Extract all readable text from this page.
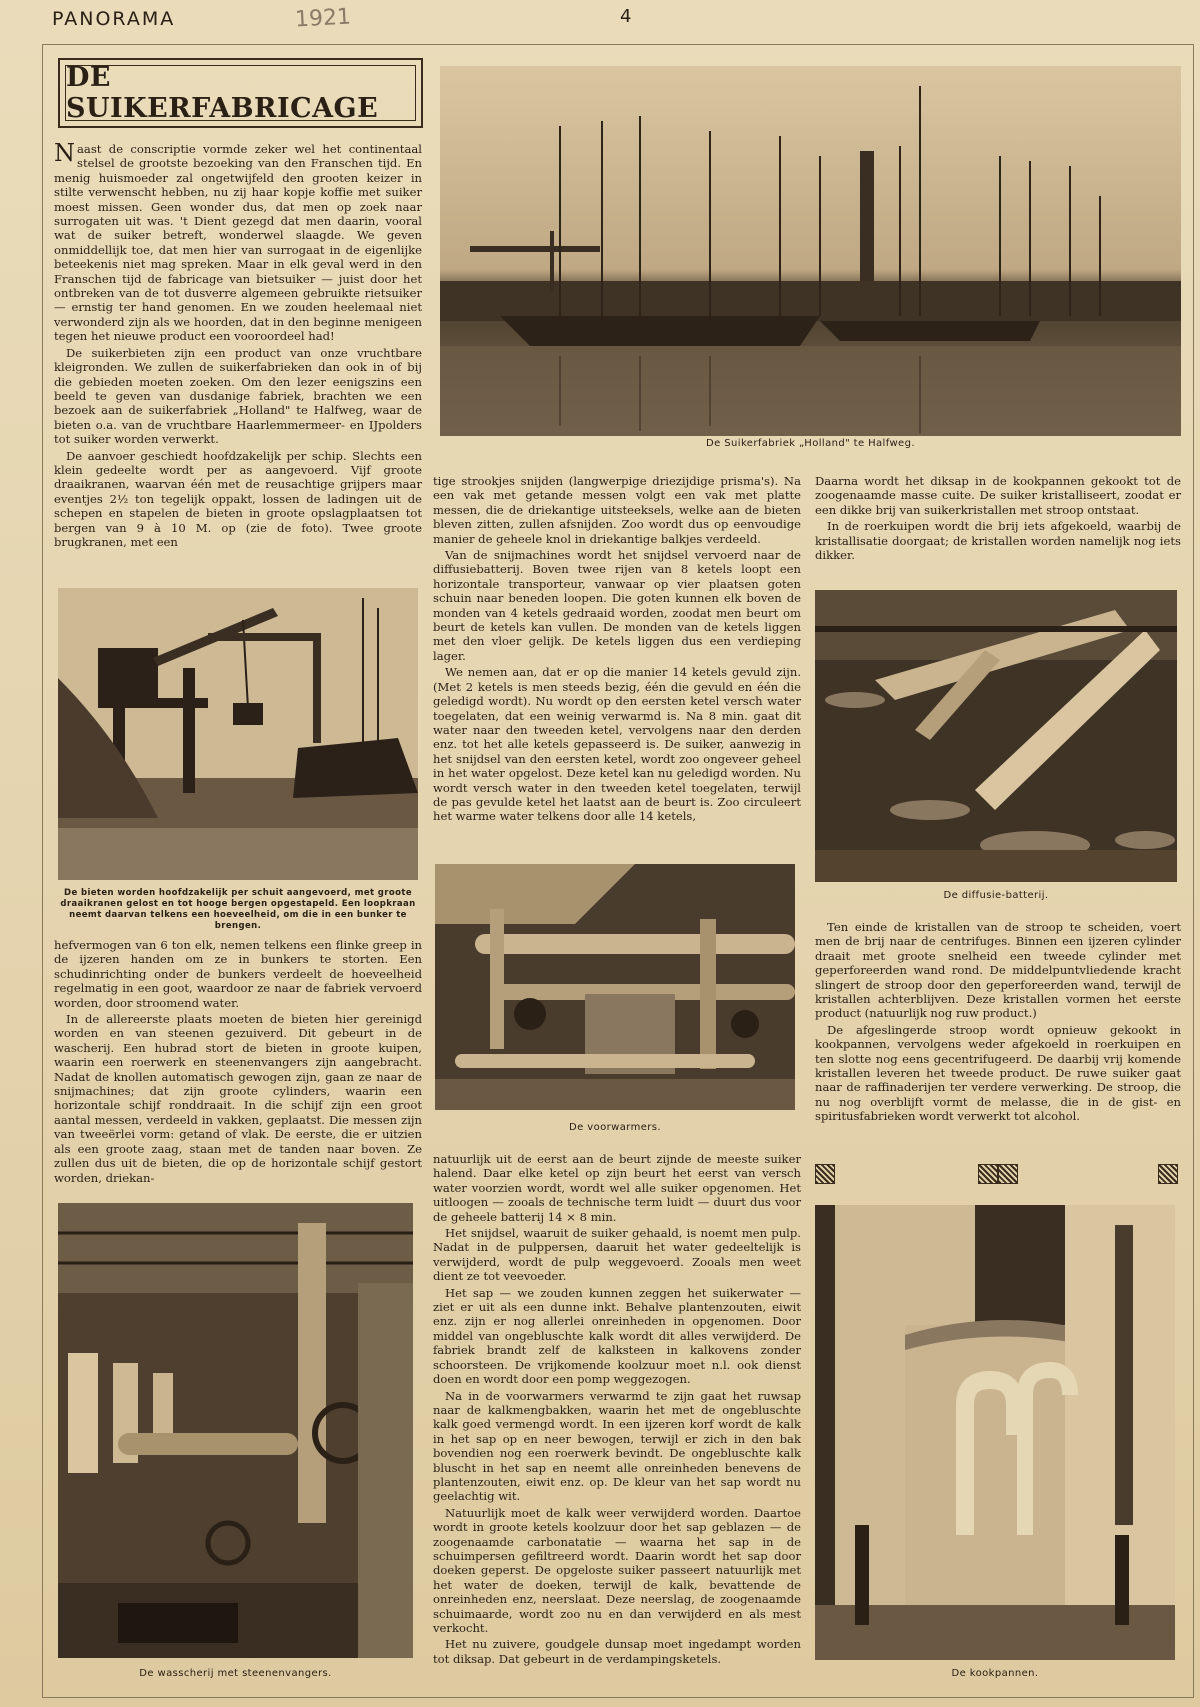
PANORAMA	1921	4
DE SUIKERFABRICAGE

Naast de conscriptie vormde zeker wel het continentaal stelsel de grootste bezoeking van den Franschen tijd. En menig huismoeder zal ongetwijfeld den grooten keizer in stilte verwenscht hebben, nu zij haar kopje koffie met suiker moest missen. Geen wonder dus, dat men op zoek naar surrogaten uit was. 't Dient gezegd dat men daarin, vooral wat de suiker betreft, wonderwel slaagde. We geven onmiddellijk toe, dat men hier van surrogaat in de eigenlijke beteekenis niet mag spreken. Maar in elk geval werd in den Franschen tijd de fabricage van bietsuiker — juist door het ontbreken van de tot dusverre algemeen gebruikte rietsuiker — ernstig ter hand genomen. En we zouden heelemaal niet verwonderd zijn als we hoorden, dat in den beginne menigeen tegen het nieuwe product een vooroordeel had!

De suikerbieten zijn een product van onze vruchtbare kleigronden. We zullen de suikerfabrieken dan ook in of bij die gebieden moeten zoeken. Om den lezer eenigszins een beeld te geven van dusdanige fabriek, brachten we een bezoek aan de suikerfabriek „Holland" te Halfweg, waar de bieten o.a. van de vruchtbare Haarlemmermeer- en IJpolders tot suiker worden verwerkt.

De aanvoer geschiedt hoofdzakelijk per schip. Slechts een klein gedeelte wordt per as aangevoerd. Vijf groote draaikranen, waarvan één met de reusachtige grijpers maar eventjes 2½ ton tegelijk oppakt, lossen de ladingen uit de schepen en stapelen de bieten in groote opslagplaatsen tot bergen van 9 à 10 M. op (zie de foto). Twee groote brugkranen, met een

De Suikerfabriek „Holland" te Halfweg.

tige strookjes snijden (langwerpige driezijdige prisma's). Na een vak met getande messen volgt een vak met platte messen, die de driekantige uitsteeksels, welke aan de bieten bleven zitten, zullen afsnijden. Zoo wordt dus op eenvoudige manier de geheele knol in driekantige balkjes verdeeld.

Van de snijmachines wordt het snijdsel vervoerd naar de diffusiebatterij. Boven twee rijen van 8 ketels loopt een horizontale transporteur, vanwaar op vier plaatsen goten schuin naar beneden loopen. Die goten kunnen elk boven de monden van 4 ketels gedraaid worden, zoodat men beurt om beurt de ketels kan vullen. De monden van de ketels liggen met den vloer gelijk. De ketels liggen dus een verdieping lager.

We nemen aan, dat er op die manier 14 ketels gevuld zijn. (Met 2 ketels is men steeds bezig, één die gevuld en één die geledigd wordt). Nu wordt op den eersten ketel versch water toegelaten, dat een weinig verwarmd is. Na 8 min. gaat dit water naar den tweeden ketel, vervolgens naar den derden enz. tot het alle ketels gepasseerd is. De suiker, aanwezig in het snijdsel van den eersten ketel, wordt zoo ongeveer geheel in het water opgelost. Deze ketel kan nu geledigd worden. Nu wordt versch water in den tweeden ketel toegelaten, terwijl de pas gevulde ketel het laatst aan de beurt is. Zoo circuleert het warme water telkens door alle 14 ketels,

Daarna wordt het diksap in de kookpannen gekookt tot de zoogenaamde masse cuite. De suiker kristalliseert, zoodat er een dikke brij van suikerkristallen met stroop ontstaat.

In de roerkuipen wordt die brij iets afgekoeld, waarbij de kristallisatie doorgaat; de kristallen worden namelijk nog iets dikker.

De bieten worden hoofdzakelijk per schuit aangevoerd, met groote draaikranen gelost en tot hooge bergen opgestapeld. Een loopkraan neemt daarvan telkens een hoeveelheid, om die in een bunker te brengen.

hefvermogen van 6 ton elk, nemen telkens een flinke greep in de ijzeren handen om ze in bunkers te storten. Een schudinrichting onder de bunkers verdeelt de hoeveelheid regelmatig in een goot, waardoor ze naar de fabriek vervoerd worden, door stroomend water.

In de allereerste plaats moeten de bieten hier gereinigd worden en van steenen gezuiverd. Dit gebeurt in de wascherij. Een hubrad stort de bieten in groote kuipen, waarin een roerwerk en steenenvangers zijn aangebracht. Nadat de knollen automatisch gewogen zijn, gaan ze naar de snijmachines; dat zijn groote cylinders, waarin een horizontale schijf ronddraait. In die schijf zijn een groot aantal messen, verdeeld in vakken, geplaatst. Die messen zijn van tweeërlei vorm: getand of vlak. De eerste, die er uitzien als een groote zaag, staan met de tanden naar boven. Ze zullen dus uit de bieten, die op de horizontale schijf gestort worden, driekan-

De diffusie-batterij.

Ten einde de kristallen van de stroop te scheiden, voert men de brij naar de centrifuges. Binnen een ijzeren cylinder draait met groote snelheid een tweede cylinder met geperforeerden wand rond. De middelpuntvliedende kracht slingert de stroop door den geperforeerden wand, terwijl de kristallen achterblijven. Deze kristallen vormen het eerste product (natuurlijk nog ruw product.)

De afgeslingerde stroop wordt opnieuw gekookt in kookpannen, vervolgens weder afgekoeld in roerkuipen en ten slotte nog eens gecentrifugeerd. De daarbij vrij komende kristallen leveren het tweede product. De ruwe suiker gaat naar de raffinaderijen ter verdere verwerking. De stroop, die nu nog overblijft vormt de melasse, die in de gist- en spiritusfabrieken wordt verwerkt tot alcohol.

De voorwarmers.

natuurlijk uit de eerst aan de beurt zijnde de meeste suiker halend. Daar elke ketel op zijn beurt het eerst van versch water voorzien wordt, wordt wel alle suiker opgenomen. Het uitloogen — zooals de technische term luidt — duurt dus voor de geheele batterij 14 × 8 min.

Het snijdsel, waaruit de suiker gehaald, is noemt men pulp. Nadat in de pulppersen, daaruit het water gedeeltelijk is verwijderd, wordt de pulp weggevoerd. Zooals men weet dient ze tot veevoeder.

Het sap — we zouden kunnen zeggen het suikerwater — ziet er uit als een dunne inkt. Behalve plantenzouten, eiwit enz. zijn er nog allerlei onreinheden in opgenomen. Door middel van ongebluschte kalk wordt dit alles verwijderd. De fabriek brandt zelf de kalksteen in kalkovens zonder schoorsteen. De vrijkomende koolzuur moet n.l. ook dienst doen en wordt door een pomp weggezogen.

Na in de voorwarmers verwarmd te zijn gaat het ruwsap naar de kalkmengbakken, waarin het met de ongebluschte kalk goed vermengd wordt. In een ijzeren korf wordt de kalk in het sap op en neer bewogen, terwijl er zich in den bak bovendien nog een roerwerk bevindt. De ongebluschte kalk bluscht in het sap en neemt alle onreinheden benevens de plantenzouten, eiwit enz. op. De kleur van het sap wordt nu geelachtig wit.

Natuurlijk moet de kalk weer verwijderd worden. Daartoe wordt in groote ketels koolzuur door het sap geblazen — de zoogenaamde carbonatatie — waarna het sap in de schuimpersen gefiltreerd wordt. Daarin wordt het sap door doeken geperst. De opgeloste suiker passeert natuurlijk met het water de doeken, terwijl de kalk, bevattende de onreinheden enz, neerslaat. Deze neerslag, de zoogenaamde schuimaarde, wordt zoo nu en dan verwijderd en als mest verkocht.

Het nu zuivere, goudgele dunsap moet ingedampt worden tot diksap. Dat gebeurt in de verdampingsketels.

De wasscherij met steenenvangers.	De kookpannen.
